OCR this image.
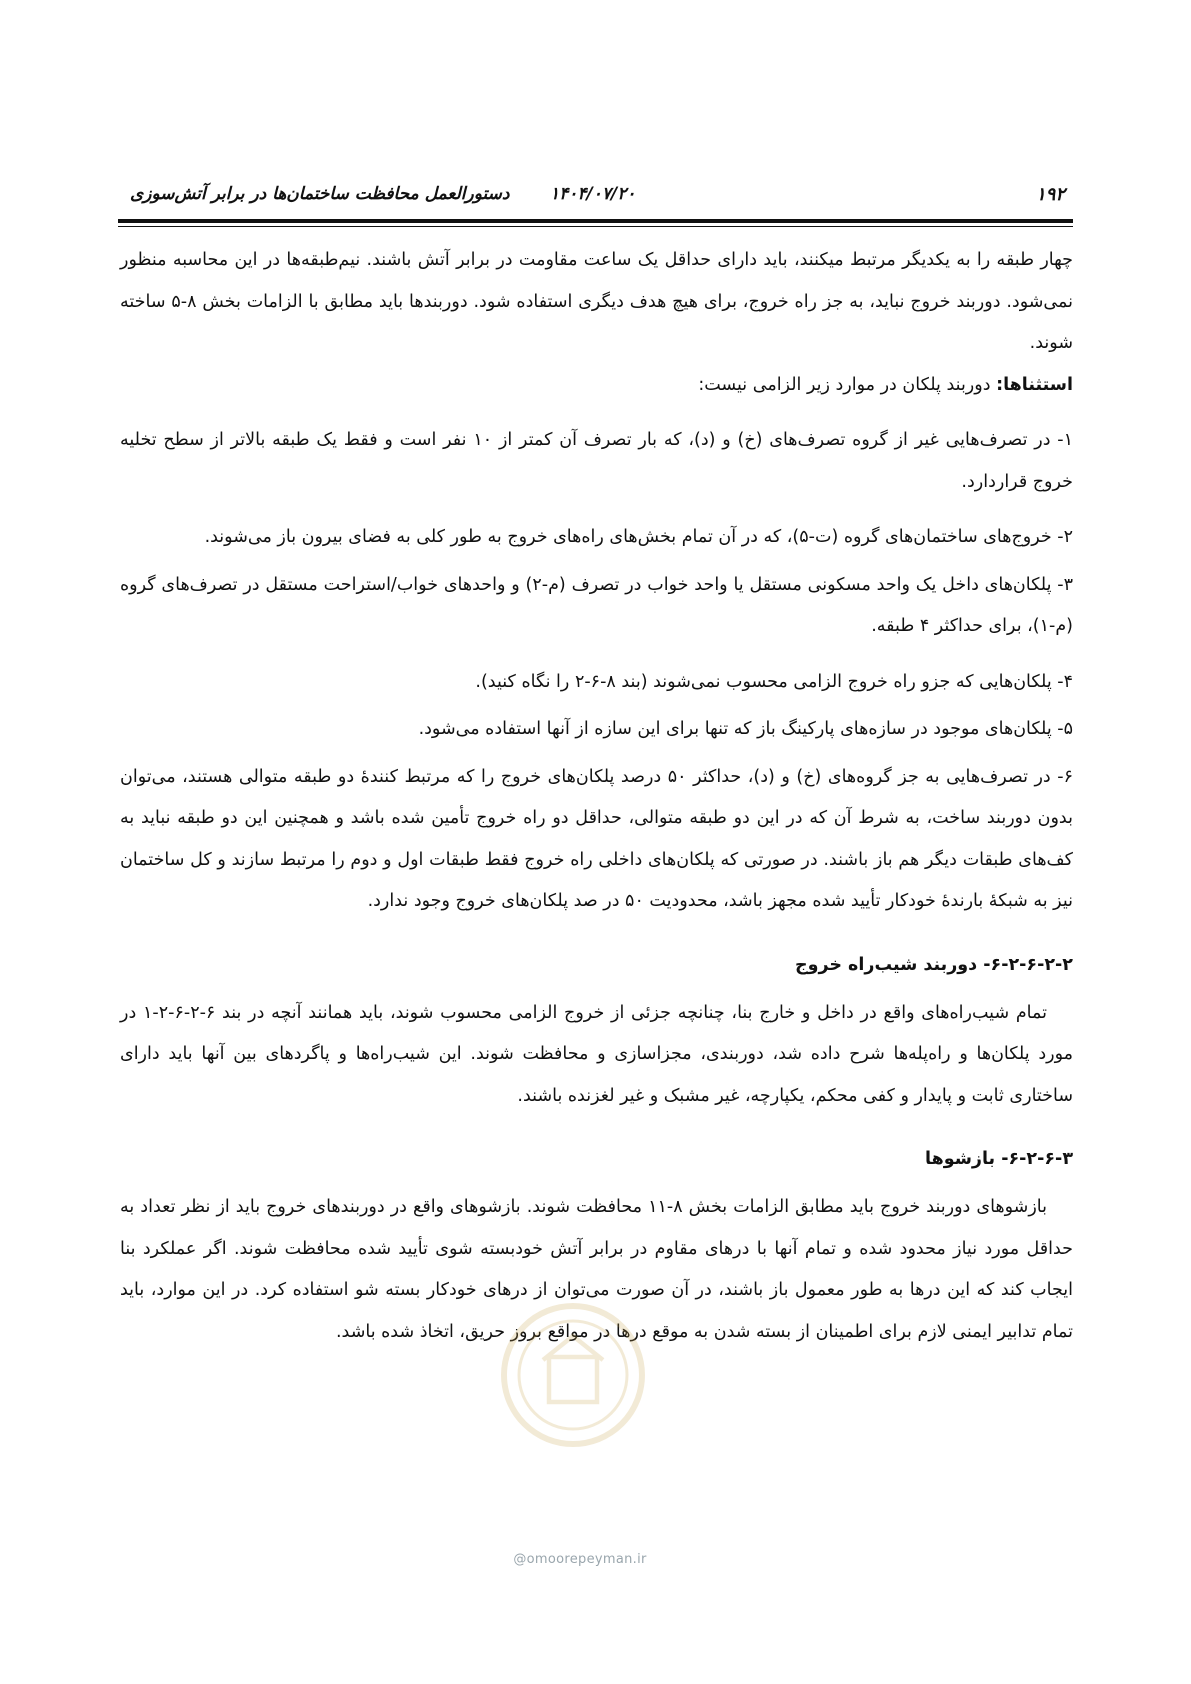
۱۹۲
۱۴۰۴/۰۷/۲۰
دستورالعمل محافظت ساختمان‌ها در برابر آتش‌سوزی

چهار طبقه را به یکدیگر مرتبط میکنند، باید دارای حداقل یک ساعت مقاومت در برابر آتش باشند. نیم‌طبقه‌ها در این محاسبه منظور نمی‌شود. دوربند خروج نباید، به جز راه خروج، برای هیچ هدف دیگری استفاده شود. دوربندها باید مطابق با الزامات بخش ۸-۵ ساخته شوند.

استثناها: دوربند پلکان در موارد زیر الزامی نیست:

۱- در تصرف‌هایی غیر از گروه تصرف‌های (خ) و (د)، که بار تصرف آن کمتر از ۱۰ نفر است و فقط یک طبقه بالاتر از سطح تخلیه خروج قراردارد.

۲- خروج‌های ساختمان‌های گروه (ت-۵)، که در آن تمام بخش‌های راه‌های خروج به طور کلی به فضای بیرون باز می‌شوند.

۳- پلکان‌های داخل یک واحد مسکونی مستقل یا واحد خواب در تصرف (م-۲) و واحدهای خواب/استراحت مستقل در تصرف‌های گروه (م-۱)، برای حداکثر ۴ طبقه.

۴- پلکان‌هایی که جزو راه خروج الزامی محسوب نمی‌شوند (بند ۸-۶-۲ را نگاه کنید).

۵- پلکان‌های موجود در سازه‌های پارکینگ باز که تنها برای این سازه از آنها استفاده می‌شود.

۶- در تصرف‌هایی به جز گروه‌های (خ) و (د)، حداکثر ۵۰ درصد پلکان‌های خروج را که مرتبط کنندهٔ دو طبقه متوالی هستند، می‌توان بدون دوربند ساخت، به شرط آن که در این دو طبقه متوالی، حداقل دو راه خروج تأمین شده باشد و همچنین این دو طبقه نباید به کف‌های طبقات دیگر هم باز باشند. در صورتی که پلکان‌های داخلی راه خروج فقط طبقات اول و دوم را مرتبط سازند و کل ساختمان نیز به شبکهٔ بارندهٔ خودکار تأیید شده مجهز باشد، محدودیت ۵۰ در صد پلکان‌های خروج وجود ندارد.

۶-۲-۶-۲-۲- دوربند شیب‌راه خروج

تمام شیب‌راه‌های واقع در داخل و خارج بنا، چنانچه جزئی از خروج الزامی محسوب شوند، باید همانند آنچه در بند ۶-۲-۶-۲-۱ در مورد پلکان‌ها و راه‌پله‌ها شرح داده شد، دوربندی، مجزاسازی و محافظت شوند. این شیب‌راه‌ها و پاگردهای بین آنها باید دارای ساختاری ثابت و پایدار و کفی محکم، یکپارچه، غیر مشبک و غیر لغزنده باشند.

۶-۲-۶-۳- بازشوها

بازشوهای دوربند خروج باید مطابق الزامات بخش ۸-۱۱ محافظت شوند. بازشوهای واقع در دوربندهای خروج باید از نظر تعداد به حداقل مورد نیاز محدود شده و تمام آنها با درهای مقاوم در برابر آتش خودبسته شوی تأیید شده محافظت شوند. اگر عملکرد بنا ایجاب کند که این درها به طور معمول باز باشند، در آن صورت می‌توان از درهای خودکار بسته شو استفاده کرد. در این موارد، باید تمام تدابیر ایمنی لازم برای اطمینان از بسته شدن به موقع درها در مواقع بروز حریق، اتخاذ شده باشد.

@omoorepeyman.ir
